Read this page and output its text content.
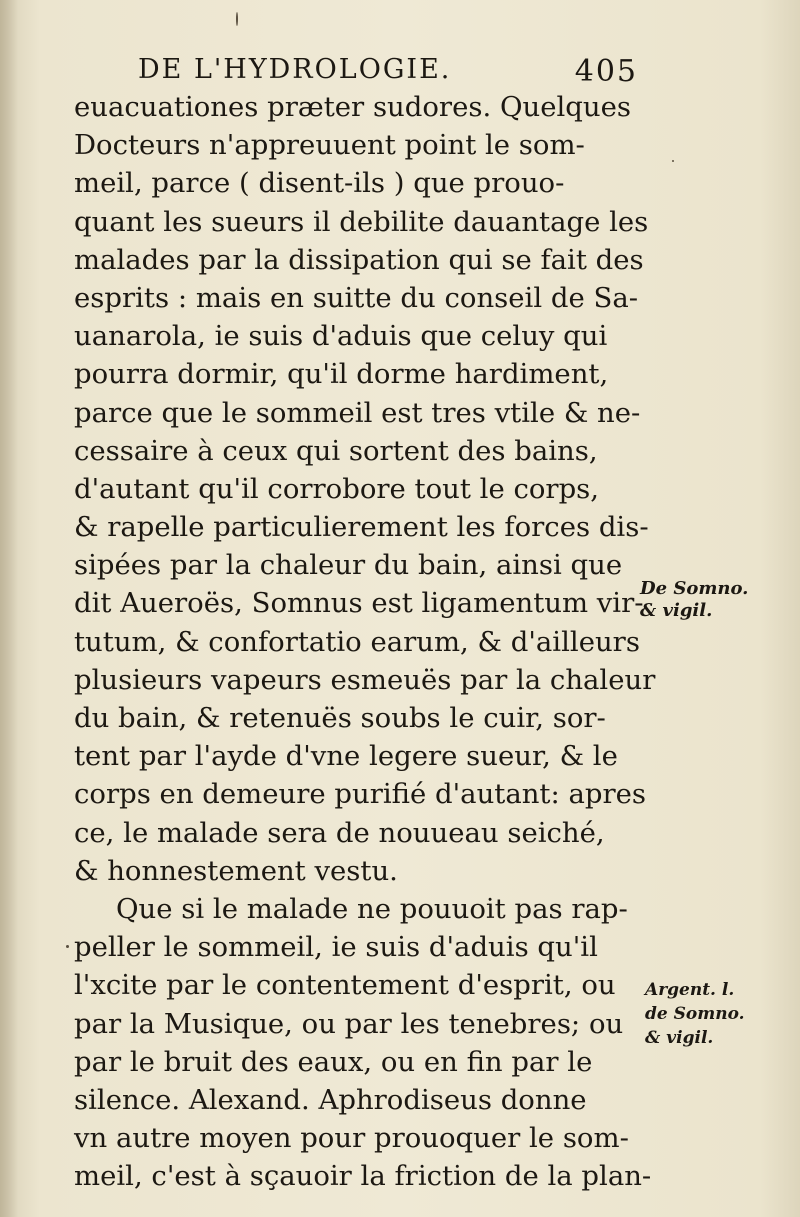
DE L'HYDROLOGIE.	405
euacuationes præter sudores. Quelques
Docteurs n'appreuuent point le som-
meil, parce ( disent-ils ) que prouo-
quant les sueurs il debilite dauantage les
malades par la dissipation qui se fait des
esprits : mais en suitte du conseil de Sa-
uanarola, ie suis d'aduis que celuy qui
pourra dormir, qu'il dorme hardiment,
parce que le sommeil est tres vtile & ne-
cessaire à ceux qui sortent des bains,
d'autant qu'il corrobore tout le corps,
& rapelle particulierement les forces dis-
sipées par la chaleur du bain, ainsi que
dit Aueroës, Somnus est ligamentum vir-
tutum, & confortatio earum, & d'ailleurs
plusieurs vapeurs esmeuës par la chaleur
du bain, & retenuës soubs le cuir, sor-
tent par l'ayde d'vne legere sueur, & le
corps en demeure purifié d'autant: apres
ce, le malade sera de nouueau seiché,
& honnestement vestu.
Que si le malade ne pouuoit pas rap-
peller le sommeil, ie suis d'aduis qu'il
l'xcite par le contentement d'esprit, ou
par la Musique, ou par les tenebres; ou
par le bruit des eaux, ou en fin par le
silence. Alexand. Aphrodiseus donne
vn autre moyen pour prouoquer le som-
meil, c'est à sçauoir la friction de la plan-
De Somno.
& vigil.
Argent. l.
de Somno.
& vigil.
